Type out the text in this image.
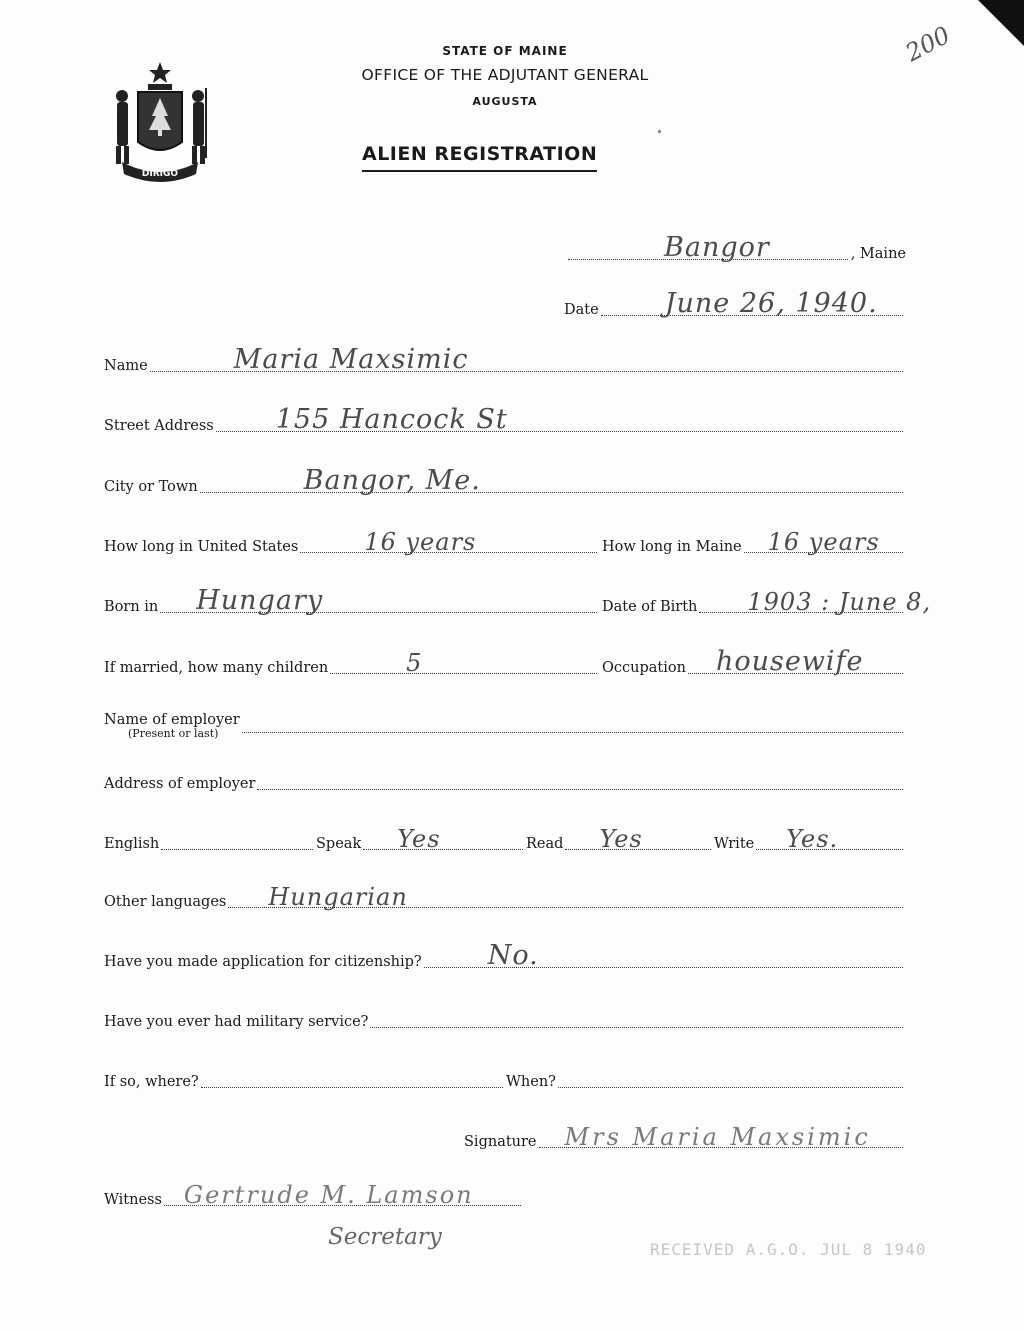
DIRIGO
STATE OF MAINE
OFFICE OF THE ADJUTANT GENERAL
AUGUSTA
ALIEN REGISTRATION
200
Bangor	, Maine
Date June 26, 1940.
Name	Maria Maxsimic
Street Address 155 Hancock St
City or Town	Bangor, Me.
How long in United States	16 years	How long in Maine 16 years
Born in Hungary	Date of Birth 1903 : June 8,
If married, how many children	5	Occupation housewife
Name of employer
(Present or last)
Address of employer
English	Speak Yes	Read Yes	Write Yes.
Other languages Hungarian
Have you made application for citizenship? No.
Have you ever had military service?
If so, where?	When?
Signature Mrs Maria Maxsimic
Witness Gertrude M. Lamson
Secretary	RECEIVED A.G.O. JUL 8 1940
